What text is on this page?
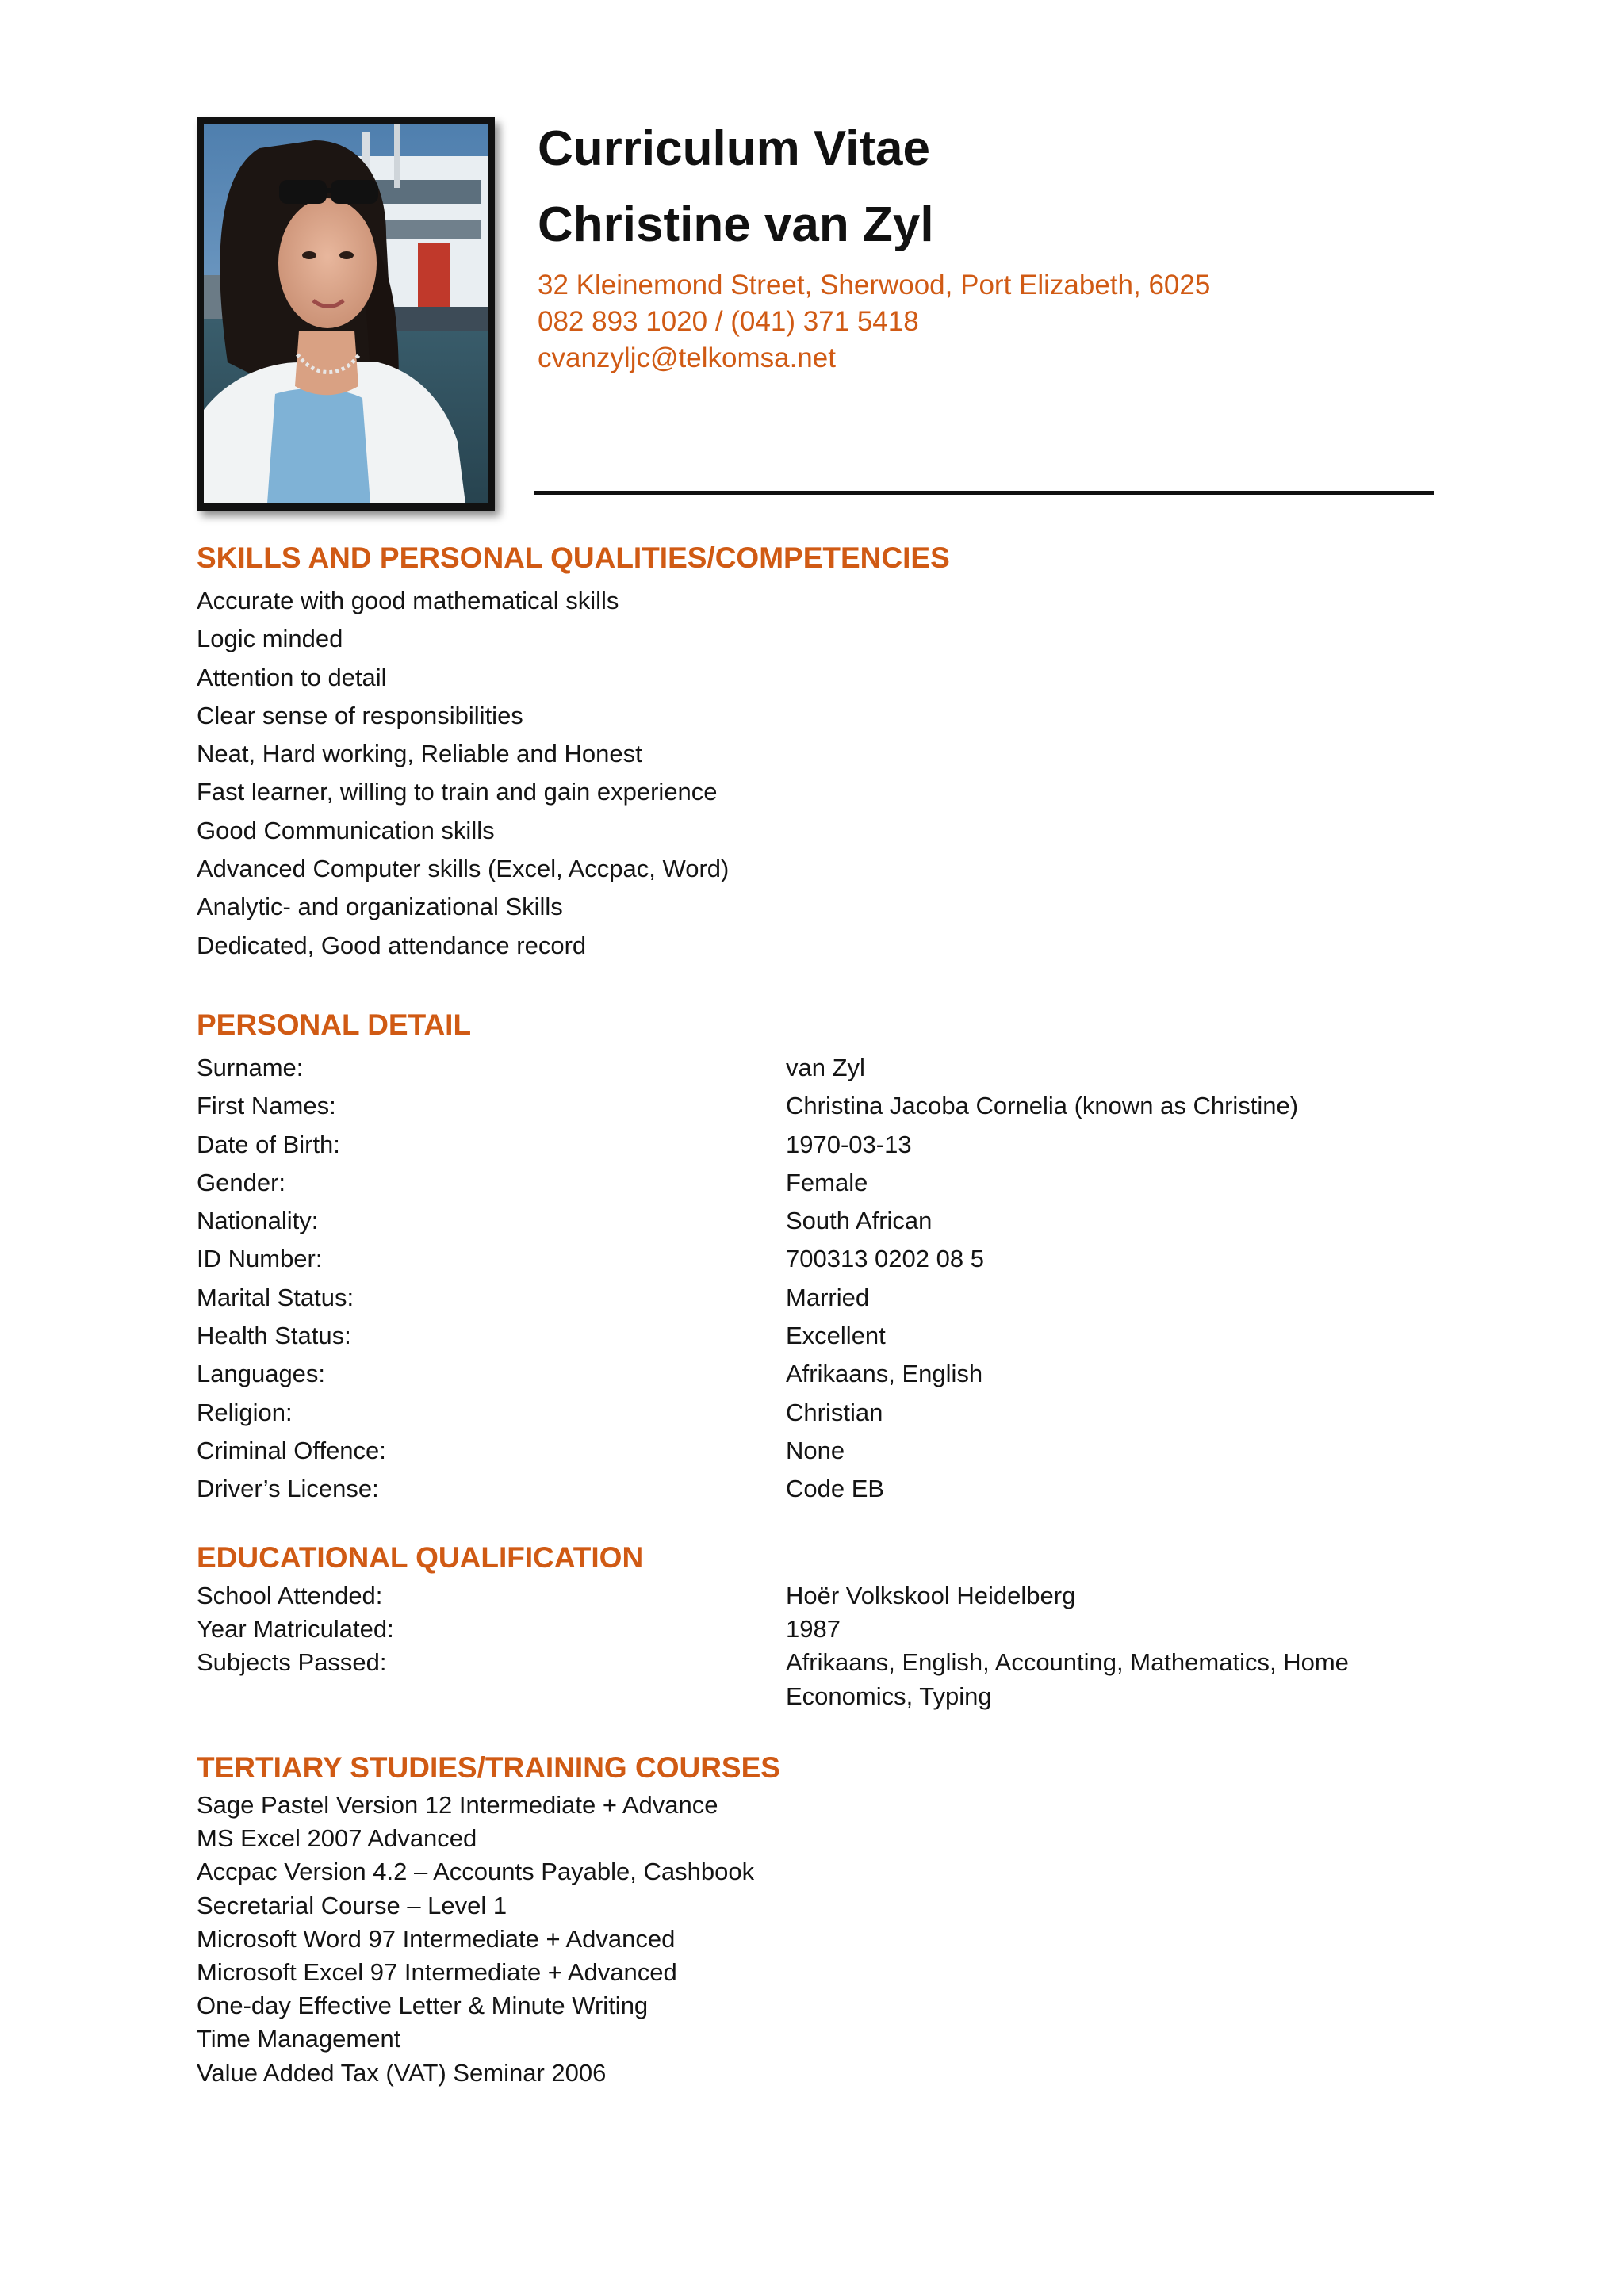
Curriculum Vitae
Christine van Zyl
32 Kleinemond Street, Sherwood, Port Elizabeth, 6025
082 893 1020 / (041) 371 5418
cvanzyljc@telkomsa.net
SKILLS AND PERSONAL QUALITIES/COMPETENCIES
Accurate with good mathematical skills
Logic minded
Attention to detail
Clear sense of responsibilities
Neat, Hard working, Reliable and Honest
Fast learner, willing to train and gain experience
Good Communication skills
Advanced Computer skills (Excel, Accpac, Word)
Analytic- and organizational Skills
Dedicated, Good attendance record
PERSONAL DETAIL
Surname:	van Zyl
First Names:	Christina Jacoba Cornelia (known as Christine)
Date of Birth:	1970-03-13
Gender:	Female
Nationality:	South African
ID Number:	700313 0202 08 5
Marital Status:	Married
Health Status:	Excellent
Languages:	Afrikaans, English
Religion:	Christian
Criminal Offence:	None
Driver’s License:	Code EB
EDUCATIONAL QUALIFICATION
School Attended:	Hoër Volkskool Heidelberg
Year Matriculated:	1987
Subjects Passed:	Afrikaans, English, Accounting, Mathematics, Home Economics, Typing
TERTIARY STUDIES/TRAINING COURSES
Sage Pastel Version 12 Intermediate + Advance
MS Excel 2007 Advanced
Accpac Version 4.2 – Accounts Payable, Cashbook
Secretarial Course – Level 1
Microsoft Word 97 Intermediate + Advanced
Microsoft Excel 97 Intermediate + Advanced
One-day Effective Letter & Minute Writing
Time Management
Value Added Tax (VAT) Seminar 2006
